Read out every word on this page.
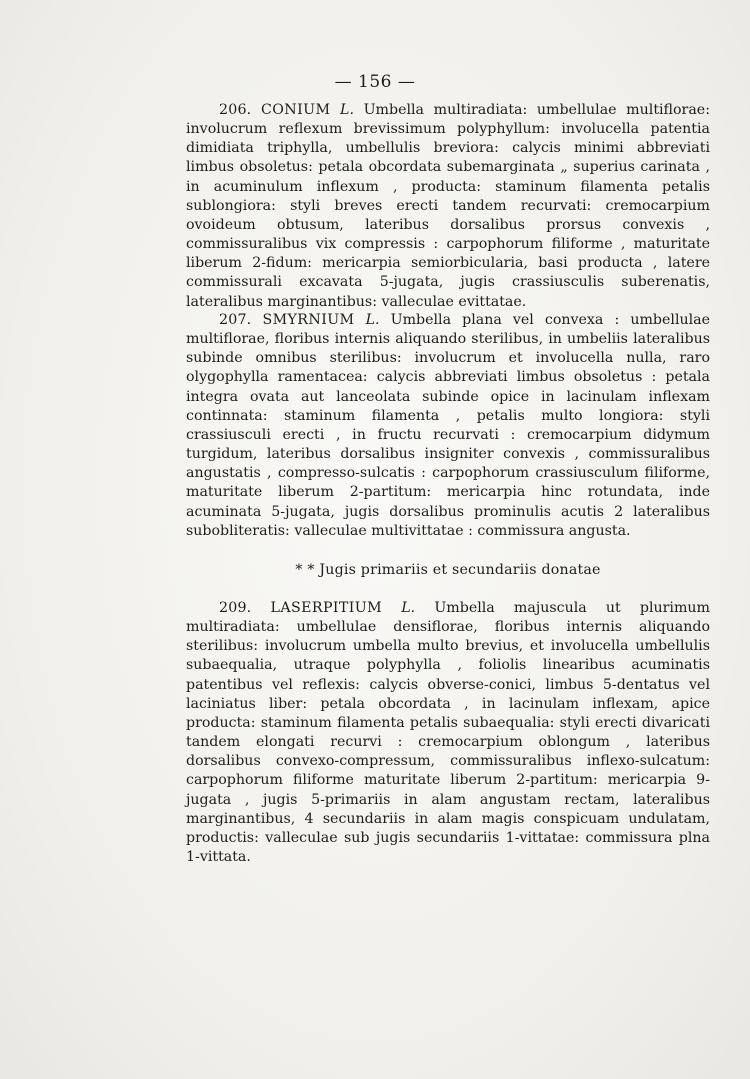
— 156 —

206. CONIUM L. Umbella multiradiata: umbellulae multiflorae: involucrum reflexum brevissimum polyphyllum: involucella patentia dimidiata triphylla, umbellulis breviora: calycis minimi abbreviati limbus obsoletus: petala obcordata subemarginata „ superius carinata , in acuminulum inflexum , producta: staminum filamenta petalis sublongiora: styli breves erecti tandem recurvati: cremocarpium ovoideum obtusum, lateribus dorsalibus prorsus convexis , commissuralibus vix compressis : carpophorum filiforme , maturitate liberum 2-fidum: mericarpia semiorbicularia, basi producta , latere commissurali excavata 5-jugata, jugis crassiusculis suberenatis, lateralibus marginantibus: valleculae evittatae.

207. SMYRNIUM L. Umbella plana vel convexa : umbellulae multiflorae, floribus internis aliquando sterilibus, in umbeliis lateralibus subinde omnibus sterilibus: involucrum et involucella nulla, raro olygophylla ramentacea: calycis abbreviati limbus obsoletus : petala integra ovata aut lanceolata subinde opice in lacinulam inflexam continnata: staminum filamenta , petalis multo longiora: styli crassiusculi erecti , in fructu recurvati : cremocarpium didymum turgidum, lateribus dorsalibus insigniter convexis , commissuralibus angustatis , compresso-sulcatis : carpophorum crassiusculum filiforme, maturitate liberum 2-partitum: mericarpia hinc rotundata, inde acuminata 5-jugata, jugis dorsalibus prominulis acutis 2 lateralibus subobliteratis: valleculae multivittatae : commissura angusta.

* * Jugis primariis et secundariis donatae

209. LASERPITIUM L. Umbella majuscula ut plurimum multiradiata: umbellulae densiflorae, floribus internis aliquando sterilibus: involucrum umbella multo brevius, et involucella umbellulis subaequalia, utraque polyphylla , foliolis linearibus acuminatis patentibus vel reflexis: calycis obverse-conici, limbus 5-dentatus vel laciniatus liber: petala obcordata , in lacinulam inflexam, apice producta: staminum filamenta petalis subaequalia: styli erecti divaricati tandem elongati recurvi : cremocarpium oblongum , lateribus dorsalibus convexo-compressum, commissuralibus inflexo-sulcatum: carpophorum filiforme maturitate liberum 2-partitum: mericarpia 9-jugata , jugis 5-primariis in alam angustam rectam, lateralibus marginantibus, 4 secundariis in alam magis conspicuam undulatam, productis: valleculae sub jugis secundariis 1-vittatae: commissura plna 1-vittata.
